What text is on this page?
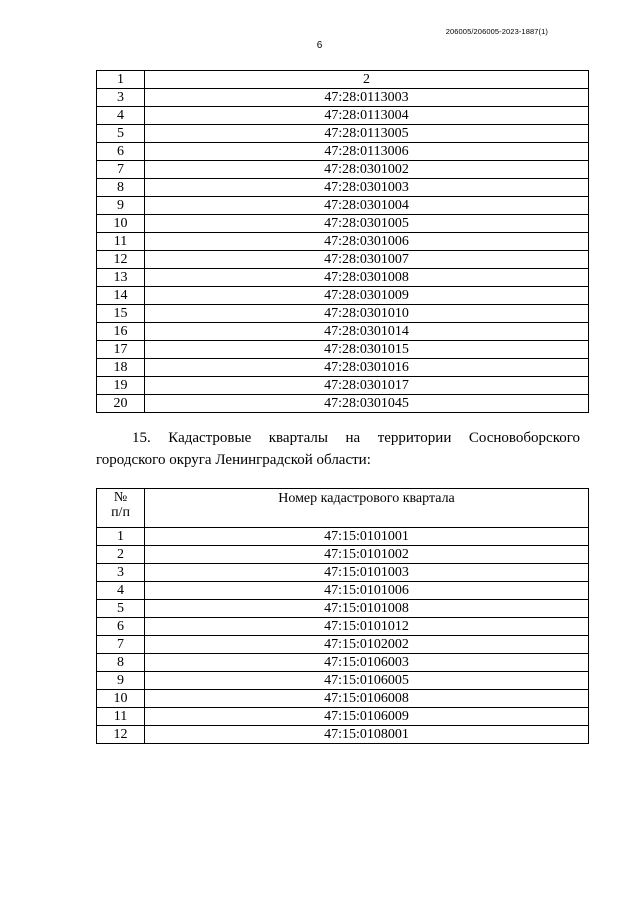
206005/206005-2023-1887(1)
6
1	2
3	47:28:0113003
4	47:28:0113004
5	47:28:0113005
6	47:28:0113006
7	47:28:0301002
8	47:28:0301003
9	47:28:0301004
10	47:28:0301005
11	47:28:0301006
12	47:28:0301007
13	47:28:0301008
14	47:28:0301009
15	47:28:0301010
16	47:28:0301014
17	47:28:0301015
18	47:28:0301016
19	47:28:0301017
20	47:28:0301045
15. Кадастровые кварталы на территории Сосновоборского
городского округа Ленинградской области:
№
п/п	Номер кадастрового квартала
1	47:15:0101001
2	47:15:0101002
3	47:15:0101003
4	47:15:0101006
5	47:15:0101008
6	47:15:0101012
7	47:15:0102002
8	47:15:0106003
9	47:15:0106005
10	47:15:0106008
11	47:15:0106009
12	47:15:0108001
